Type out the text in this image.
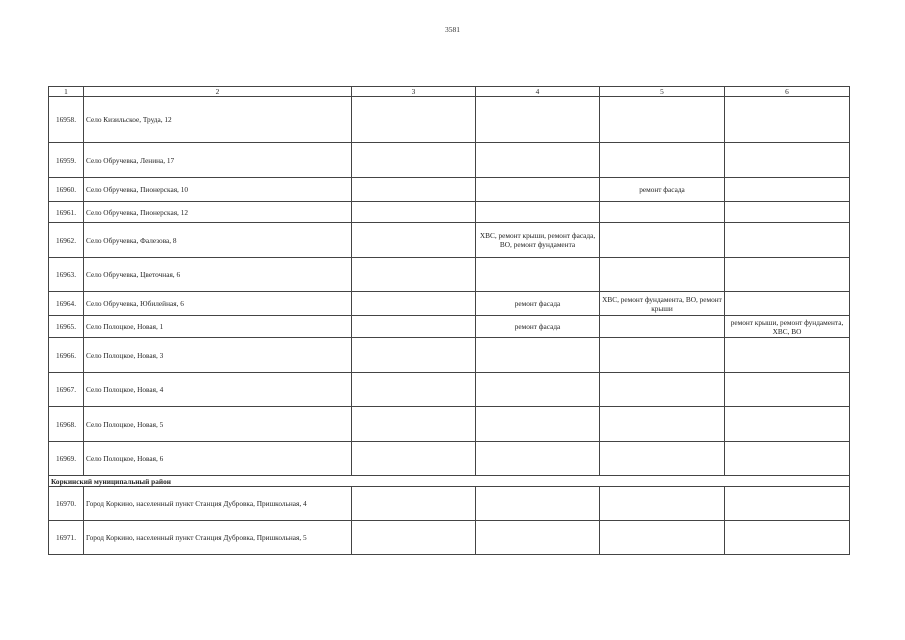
3581
1	2	3	4	5	6
16958.	Село Кизильское, Труда, 12				
16959.	Село Обручевка, Ленина, 17				
16960.	Село Обручевка, Пионерская, 10			ремонт фасада	
16961.	Село Обручевка, Пионерская, 12				
16962.	Село Обручевка, Фалезова, 8		ХВС, ремонт крыши, ремонт фасада, ВО, ремонт фундамента		
16963.	Село Обручевка, Цветочная, 6				
16964.	Село Обручевка, Юбилейная, 6		ремонт фасада	ХВС, ремонт фундамента, ВО, ремонт крыши	
16965.	Село Полоцкое, Новая, 1		ремонт фасада		ремонт крыши, ремонт фундамента, ХВС, ВО
16966.	Село Полоцкое, Новая, 3				
16967.	Село Полоцкое, Новая, 4				
16968.	Село Полоцкое, Новая, 5				
16969.	Село Полоцкое, Новая, 6				
Коркинский муниципальный район					
16970.	Город Коркино, населенный пункт Станция Дубровка, Пришкольная, 4				
16971.	Город Коркино, населенный пункт Станция Дубровка, Пришкольная, 5				
